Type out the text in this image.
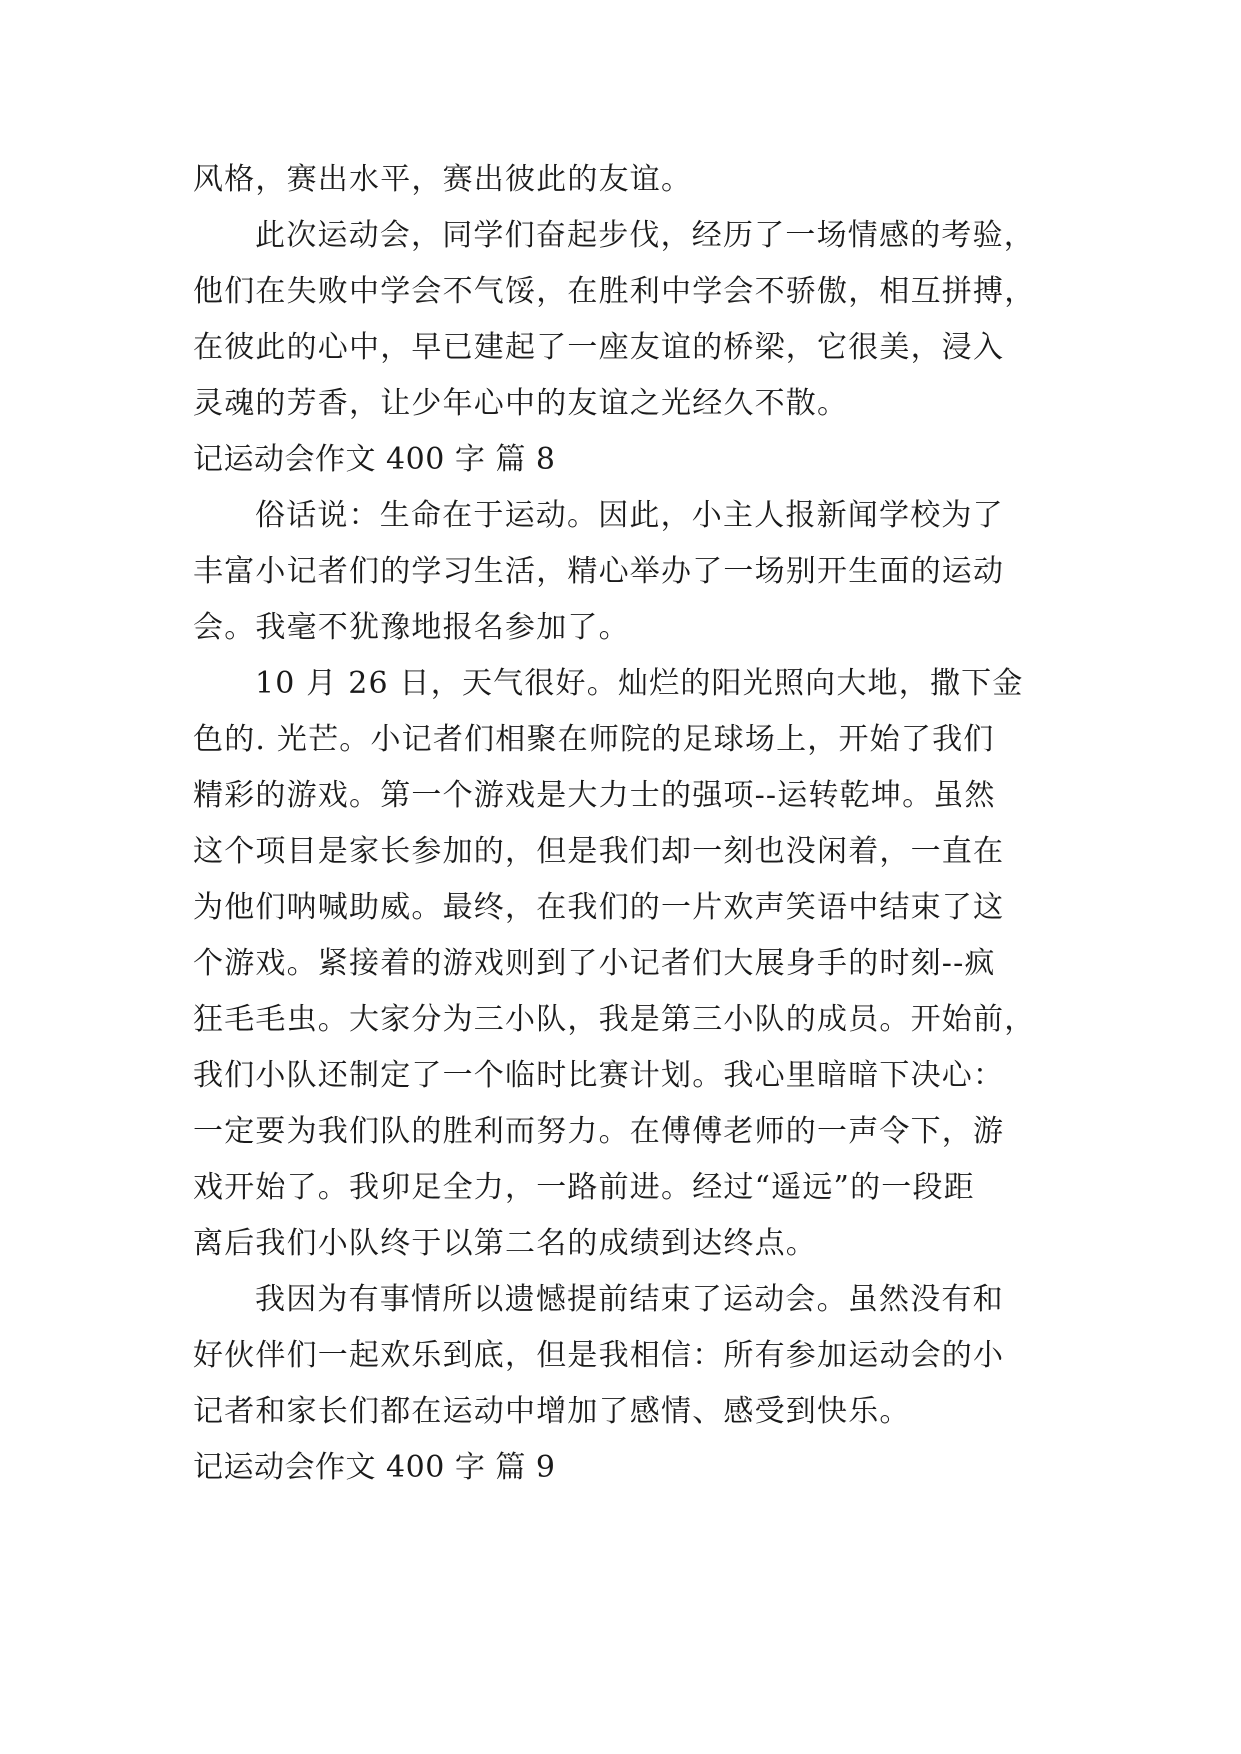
风格，赛出水平，赛出彼此的友谊。
此次运动会，同学们奋起步伐，经历了一场情感的考验，
他们在失败中学会不气馁，在胜利中学会不骄傲，相互拼搏，
在彼此的心中，早已建起了一座友谊的桥梁，它很美，浸入
灵魂的芳香，让少年心中的友谊之光经久不散。
记运动会作文 400 字 篇 8
俗话说：生命在于运动。因此，小主人报新闻学校为了
丰富小记者们的学习生活，精心举办了一场别开生面的运动
会。我毫不犹豫地报名参加了。
10 月 26 日，天气很好。灿烂的阳光照向大地，撒下金
色的. 光芒。小记者们相聚在师院的足球场上，开始了我们
精彩的游戏。第一个游戏是大力士的强项--运转乾坤。虽然
这个项目是家长参加的，但是我们却一刻也没闲着，一直在
为他们呐喊助威。最终，在我们的一片欢声笑语中结束了这
个游戏。紧接着的游戏则到了小记者们大展身手的时刻--疯
狂毛毛虫。大家分为三小队，我是第三小队的成员。开始前，
我们小队还制定了一个临时比赛计划。我心里暗暗下决心：
一定要为我们队的胜利而努力。在傅傅老师的一声令下，游
戏开始了。我卯足全力，一路前进。经过“遥远”的一段距
离后我们小队终于以第二名的成绩到达终点。
我因为有事情所以遗憾提前结束了运动会。虽然没有和
好伙伴们一起欢乐到底，但是我相信：所有参加运动会的小
记者和家长们都在运动中增加了感情、感受到快乐。
记运动会作文 400 字 篇 9
